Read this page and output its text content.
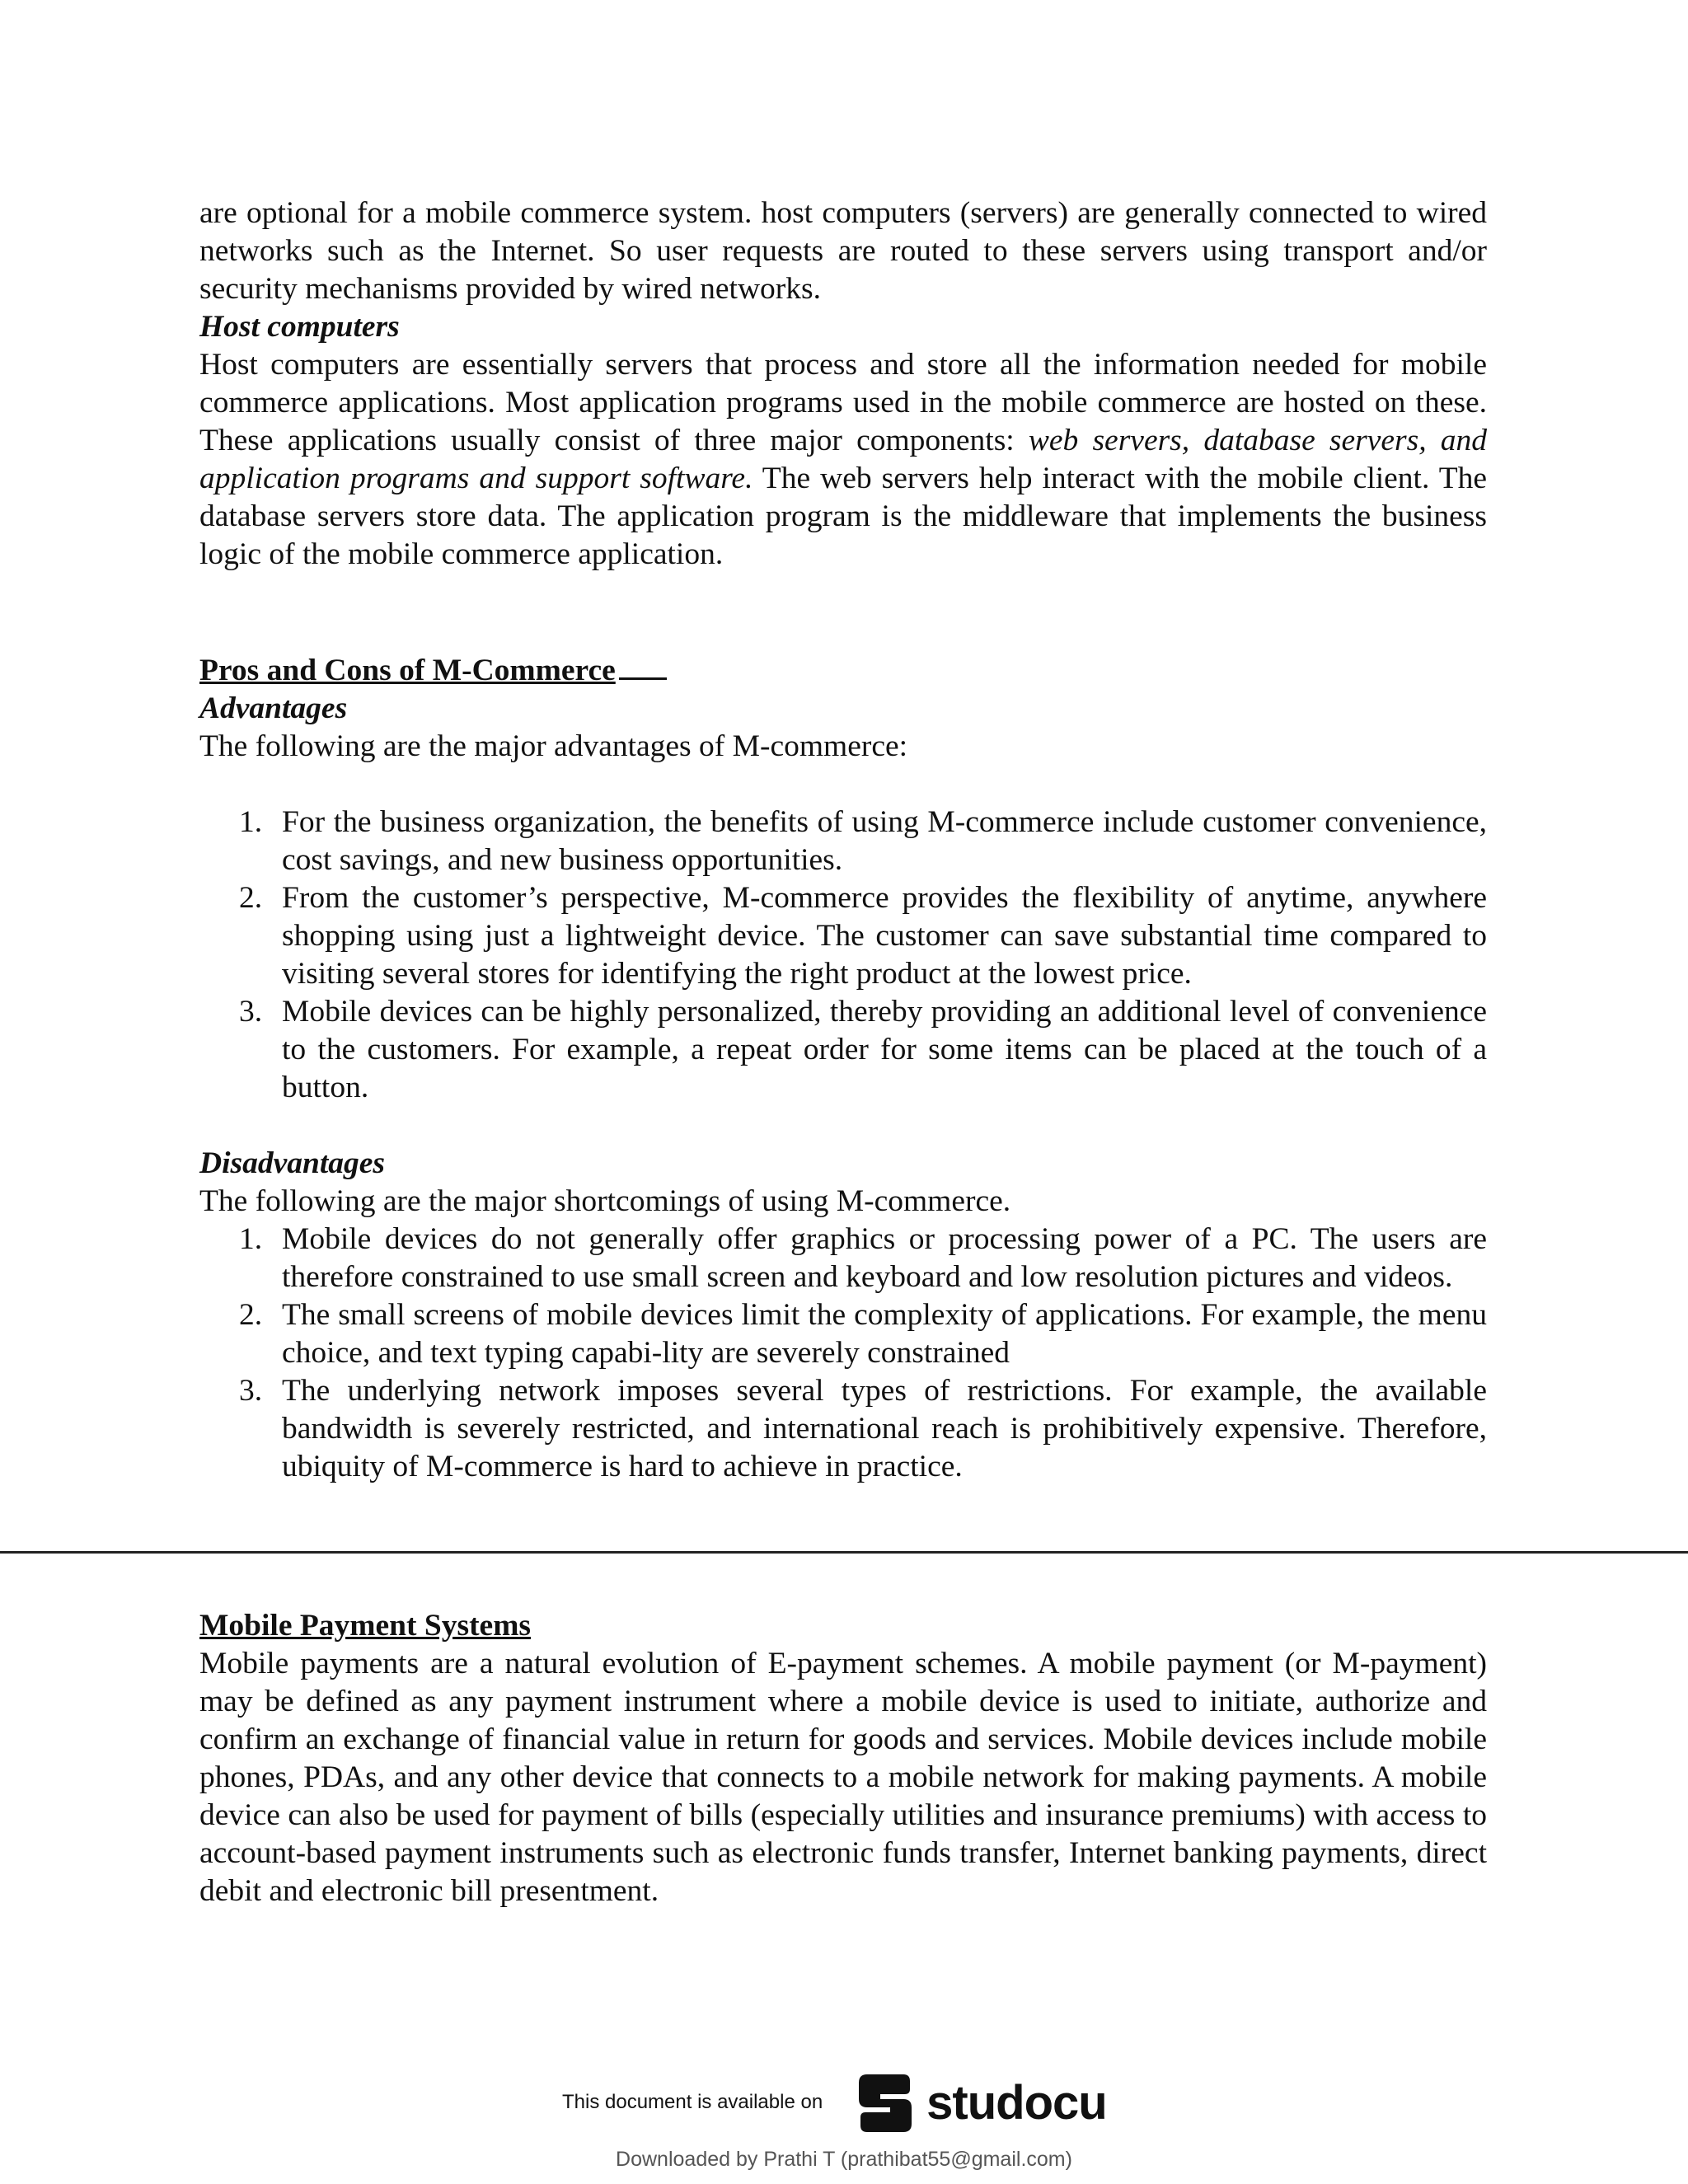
are optional for a mobile commerce system. host computers (servers) are generally connected to wired networks such as the Internet. So user requests are routed to these servers using transport and/or security mechanisms provided by wired networks.

Host computers

Host computers are essentially servers that process and store all the information needed for mobile commerce applications. Most application programs used in the mobile commerce are hosted on these. These applications usually consist of three major components: web servers, database servers, and application programs and support software. The web servers help interact with the mobile client. The database servers store data. The application program is the middleware that implements the business logic of the mobile commerce application.

Pros and Cons of M-Commerce

Advantages

The following are the major advantages of M-commerce:

1. For the business organization, the benefits of using M-commerce include customer convenience, cost savings, and new business opportunities.
2. From the customer’s perspective, M-commerce provides the flexibility of anytime, anywhere shopping using just a lightweight device. The customer can save substantial time compared to visiting several stores for identifying the right product at the lowest price.
3. Mobile devices can be highly personalized, thereby providing an additional level of convenience to the customers. For example, a repeat order for some items can be placed at the touch of a button.

Disadvantages

The following are the major shortcomings of using M-commerce.

1. Mobile devices do not generally offer graphics or processing power of a PC. The users are therefore constrained to use small screen and keyboard and low resolution pictures and videos.
2. The small screens of mobile devices limit the complexity of applications. For example, the menu choice, and text typing capabi-lity are severely constrained
3. The underlying network imposes several types of restrictions. For example, the available bandwidth is severely restricted, and international reach is prohibitively expensive. Therefore, ubiquity of M-commerce is hard to achieve in practice.

Mobile Payment Systems

Mobile payments are a natural evolution of E-payment schemes. A mobile payment (or M-payment) may be defined as any payment instrument where a mobile device is used to initiate, authorize and confirm an exchange of financial value in return for goods and services. Mobile devices include mobile phones, PDAs, and any other device that connects to a mobile network for making payments. A mobile device can also be used for payment of bills (especially utilities and insurance premiums) with access to account-based payment instruments such as electronic funds transfer, Internet banking payments, direct debit and electronic bill presentment.

This document is available on studocu
Downloaded by Prathi T (prathibat55@gmail.com)
